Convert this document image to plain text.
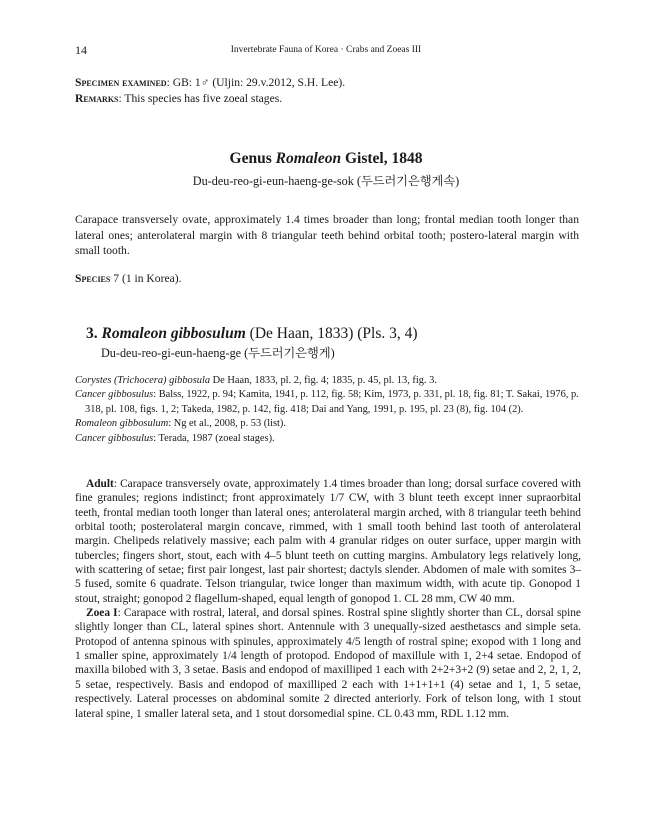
14	Invertebrate Fauna of Korea · Crabs and Zoeas III
Specimen examined: GB: 1♂ (Uljin: 29.v.2012, S.H. Lee).
Remarks: This species has five zoeal stages.
Genus Romaleon Gistel, 1848
Du-deu-reo-gi-eun-haeng-ge-sok (두드러기은행게속)
Carapace transversely ovate, approximately 1.4 times broader than long; frontal median tooth longer than lateral ones; anterolateral margin with 8 triangular teeth behind orbital tooth; postero-lateral margin with small tooth.
Species 7 (1 in Korea).
3. Romaleon gibbosulum (De Haan, 1833) (Pls. 3, 4)
Du-deu-reo-gi-eun-haeng-ge (두드러기은행게)

Corystes (Trichocera) gibbosula De Haan, 1833, pl. 2, fig. 4; 1835, p. 45, pl. 13, fig. 3.

Cancer gibbosulus: Balss, 1922, p. 94; Kamita, 1941, p. 112, fig. 58; Kim, 1973, p. 331, pl. 18, fig. 81; T. Sakai, 1976, p. 318, pl. 108, figs. 1, 2; Takeda, 1982, p. 142, fig. 418; Dai and Yang, 1991, p. 195, pl. 23 (8), fig. 104 (2).

Romaleon gibbosulum: Ng et al., 2008, p. 53 (list).

Cancer gibbosulus: Terada, 1987 (zoeal stages).

Adult: Carapace transversely ovate, approximately 1.4 times broader than long; dorsal surface covered with fine granules; regions indistinct; front approximately 1/7 CW, with 3 blunt teeth except inner supraorbital teeth, frontal median tooth longer than lateral ones; anterolateral margin arched, with 8 triangular teeth behind orbital tooth; posterolateral margin concave, rimmed, with 1 small tooth behind last tooth of anterolateral margin. Chelipeds relatively massive; each palm with 4 granular ridges on outer surface, upper margin with tubercles; fingers short, stout, each with 4–5 blunt teeth on cutting margins. Ambulatory legs relatively long, with scattering of setae; first pair longest, last pair shortest; dactyls slender. Abdomen of male with somites 3–5 fused, somite 6 quadrate. Telson triangular, twice longer than maximum width, with acute tip. Gonopod 1 stout, straight; gonopod 2 flagellum-shaped, equal length of gonopod 1. CL 28 mm, CW 40 mm.

Zoea I: Carapace with rostral, lateral, and dorsal spines. Rostral spine slightly shorter than CL, dorsal spine slightly longer than CL, lateral spines short. Antennule with 3 unequally-sized aesthetascs and simple seta. Protopod of antenna spinous with spinules, approximately 4/5 length of rostral spine; exopod with 1 long and 1 smaller spine, approximately 1/4 length of protopod. Endopod of maxillule with 1, 2+4 setae. Endopod of maxilla bilobed with 3, 3 setae. Basis and endopod of maxilliped 1 each with 2+2+3+2 (9) setae and 2, 2, 1, 2, 5 setae, respectively. Basis and endopod of maxilliped 2 each with 1+1+1+1 (4) setae and 1, 1, 5 setae, respectively. Lateral processes on abdominal somite 2 directed anteriorly. Fork of telson long, with 1 stout lateral spine, 1 smaller lateral seta, and 1 stout dorsomedial spine. CL 0.43 mm, RDL 1.12 mm.
